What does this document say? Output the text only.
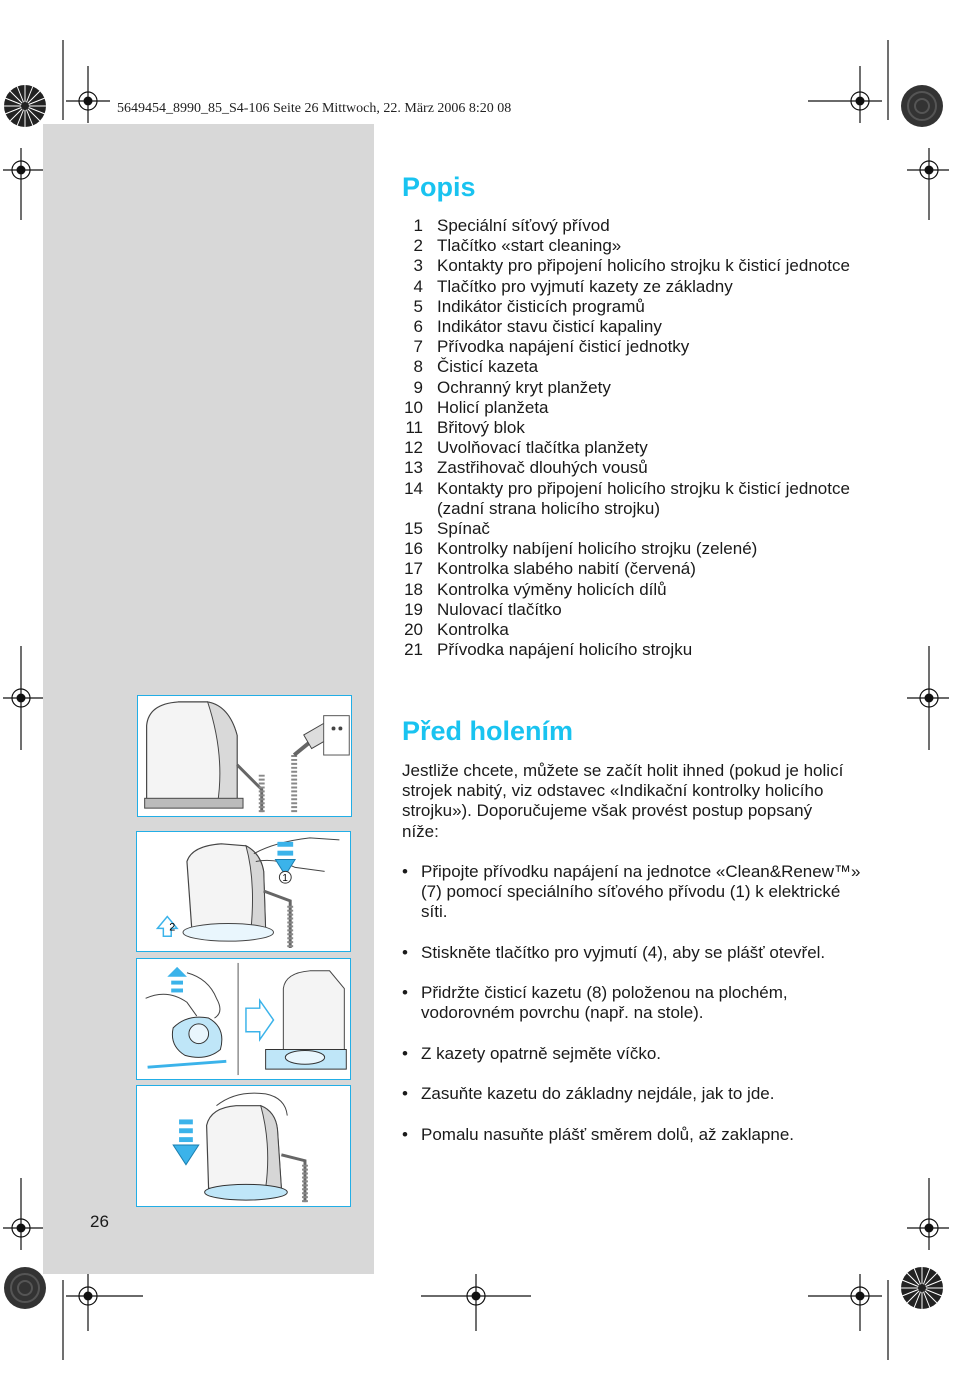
5649454_8990_85_S4-106 Seite 26 Mittwoch, 22. März 2006 8:20 08
Popis
1 Speciální síťový přívod
2 Tlačítko «start cleaning»
3 Kontakty pro připojení holicího strojku k čisticí jednotce
4 Tlačítko pro vyjmutí kazety ze základny
5 Indikátor čisticích programů
6 Indikátor stavu čisticí kapaliny
7 Přívodka napájení čisticí jednotky
8 Čisticí kazeta
9 Ochranný kryt planžety
10 Holicí planžeta
11 Břitový blok
12 Uvolňovací tlačítka planžety
13 Zastřihovač dlouhých vousů
14 Kontakty pro připojení holicího strojku k čisticí jednotce (zadní strana holicího strojku)
15 Spínač
16 Kontrolky nabíjení holicího strojku (zelené)
17 Kontrolka slabého nabití (červená)
18 Kontrolka výměny holicích dílů
19 Nulovací tlačítko
20 Kontrolka
21 Přívodka napájení holicího strojku
Před holením

Jestliže chcete, můžete se začít holit ihned (pokud je holicí strojek nabitý, viz odstavec «Indikační kontrolky holicího strojku»). Doporučujeme však provést postup popsaný níže:

• Připojte přívodku napájení na jednotce «Clean&Renew™» (7) pomocí speciálního síťového přívodu (1) k elektrické síti.
• Stiskněte tlačítko pro vyjmutí (4), aby se plášť otevřel.
• Přidržte čisticí kazetu (8) položenou na plochém, vodorovném povrchu (např. na stole).
• Z kazety opatrně sejměte víčko.
• Zasuňte kazetu do základny nejdále, jak to jde.
• Pomalu nasuňte plášť směrem dolů, až zaklapne.
26
1
2
